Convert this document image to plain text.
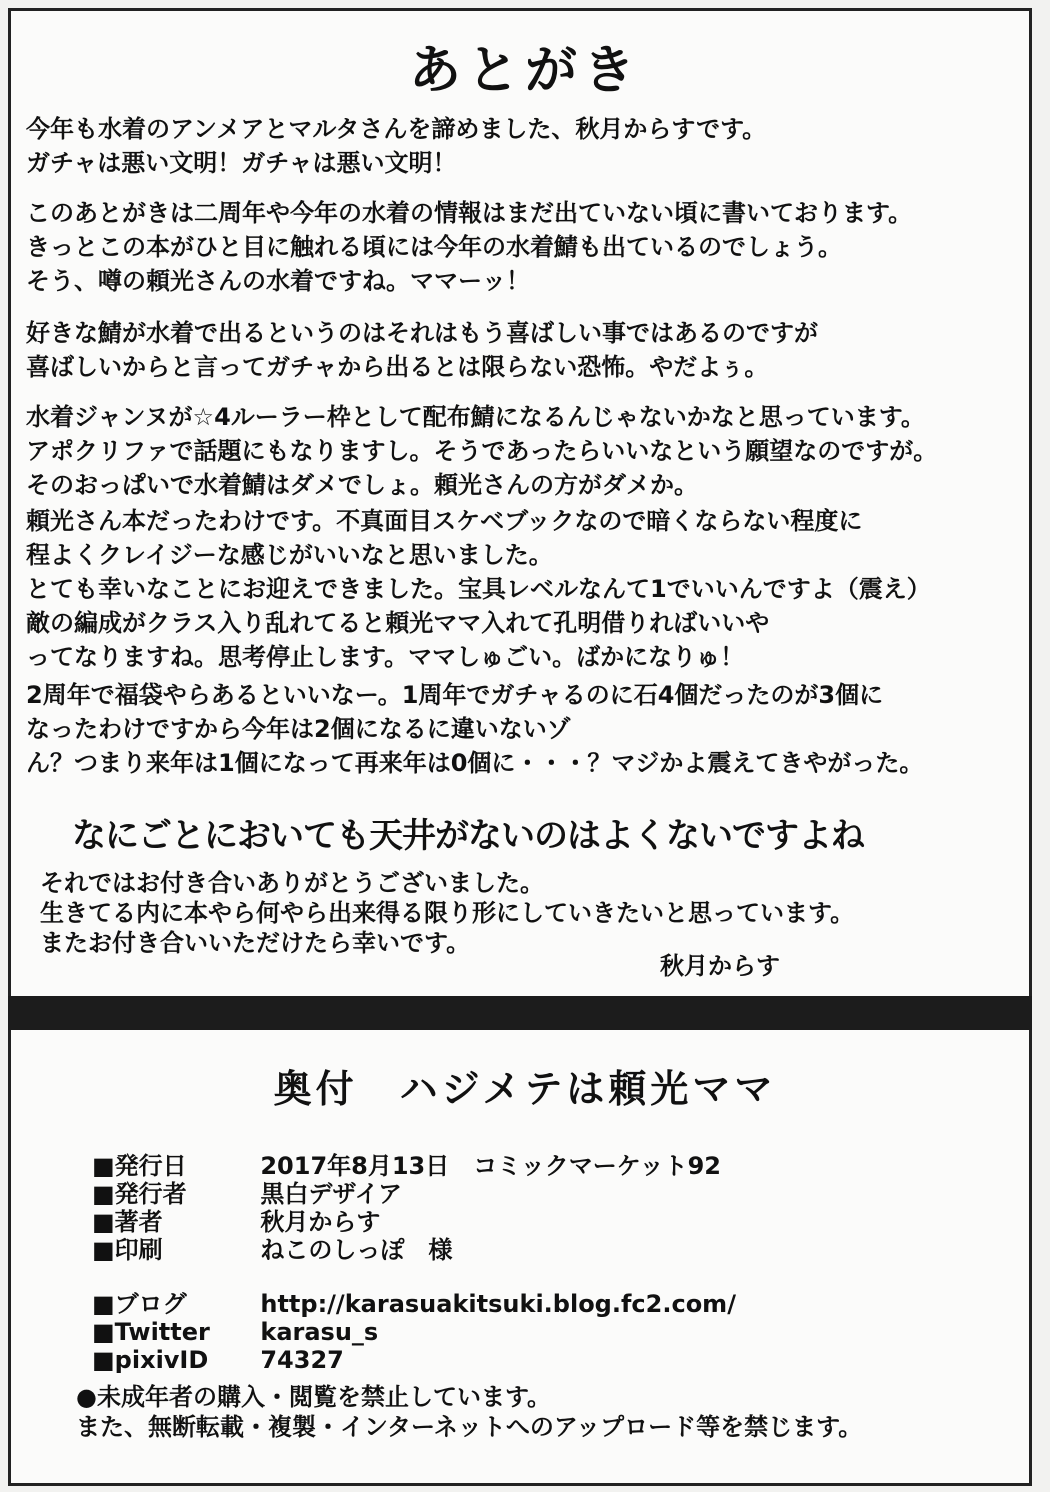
あとがき
今年も水着のアンメアとマルタさんを諦めました、秋月からすです。
ガチャは悪い文明！ガチャは悪い文明！
このあとがきは二周年や今年の水着の情報はまだ出ていない頃に書いております。
きっとこの本がひと目に触れる頃には今年の水着鯖も出ているのでしょう。
そう、噂の頼光さんの水着ですね。ママーッ！
好きな鯖が水着で出るというのはそれはもう喜ばしい事ではあるのですが
喜ばしいからと言ってガチャから出るとは限らない恐怖。やだよぅ。
水着ジャンヌが☆4ルーラー枠として配布鯖になるんじゃないかなと思っています。
アポクリファで話題にもなりますし。そうであったらいいなという願望なのですが。
そのおっぱいで水着鯖はダメでしょ。頼光さんの方がダメか。
頼光さん本だったわけです。不真面目スケベブックなので暗くならない程度に
程よくクレイジーな感じがいいなと思いました。
とても幸いなことにお迎えできました。宝具レベルなんて1でいいんですよ（震え）
敵の編成がクラス入り乱れてると頼光ママ入れて孔明借りればいいや
ってなりますね。思考停止します。ママしゅごい。ばかになりゅ！
2周年で福袋やらあるといいなー。1周年でガチャるのに石4個だったのが3個に
なったわけですから今年は2個になるに違いないゾ
ん？つまり来年は1個になって再来年は0個に・・・？マジかよ震えてきやがった。
なにごとにおいても天井がないのはよくないですよね
それではお付き合いありがとうございました。
生きてる内に本やら何やら出来得る限り形にしていきたいと思っています。
またお付き合いいただけたら幸いです。
秋月からす
奥付　ハジメテは頼光ママ
■発行日	2017年8月13日　コミックマーケット92
■発行者	黒白デザイア
■著者	秋月からす
■印刷	ねこのしっぽ　様
■ブログ	http://karasuakitsuki.blog.fc2.com/
■Twitter karasu_s
■pixivID 74327
●未成年者の購入・閲覧を禁止しています。
また、無断転載・複製・インターネットへのアップロード等を禁じます。
